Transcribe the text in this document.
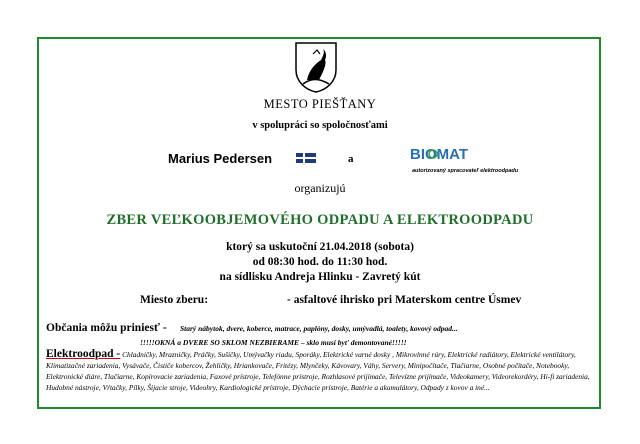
MESTO PIEŠŤANY
v spolupráci so spoločnosťami
Marius Pedersen	a	BIOMAT
autorizovaný spracovateľ elektroodpadu
organizujú
ZBER VEĽKOOBJEMOVÉHO ODPADU A ELEKTROODPADU
ktorý sa uskutoční 21.04.2018 (sobota)
od 08:30 hod. do 11:30 hod.
na sídlisku Andreja Hlinku - Zavretý kút
Miesto zberu:	- asfaltové ihrisko pri Materskom centre Úsmev
Občania môžu priniesť - Starý nábytok, dvere, koberce, matrace, paplóny, dosky, umývadlá, toalety, kovový odpad...
!!!!!OKNÁ a DVERE SO SKLOM NEZBIERAME – sklo musí byť demontované!!!!!
Elektroodpad - Chladničky, Mrazničky, Práčky, Sušičky, Umývačky riadu, Sporáky, Elektrické varné dosky , Mikrovlnné rúry, Elektrické radiátory, Elektrické ventilátory, Klimatizačné zariadenia, Vysávače, Čističe kobercov, Žehličky, Hriankovače, Fritézy, Mlynčeky, Kávovary, Váhy, Servery, Minipočítače, Tlačiarne, Osobné počítače, Notebooky, Elektronické diáre, Tlačiarne, Kopírovacie zariadenia, Faxové prístroje, Telefónne prístroje, Rozhlasové prijímače, Televízne prijímače, Videokamery, Videorekordéry, Hi-fi zariadenia, Hudobné nástroje, Vŕtačky, Pílky, Šijacie stroje, Videohry, Kardiologické prístroje, Dýchacie prístroje, Batérie a akumulátory, Odpady z kovov a iné...
